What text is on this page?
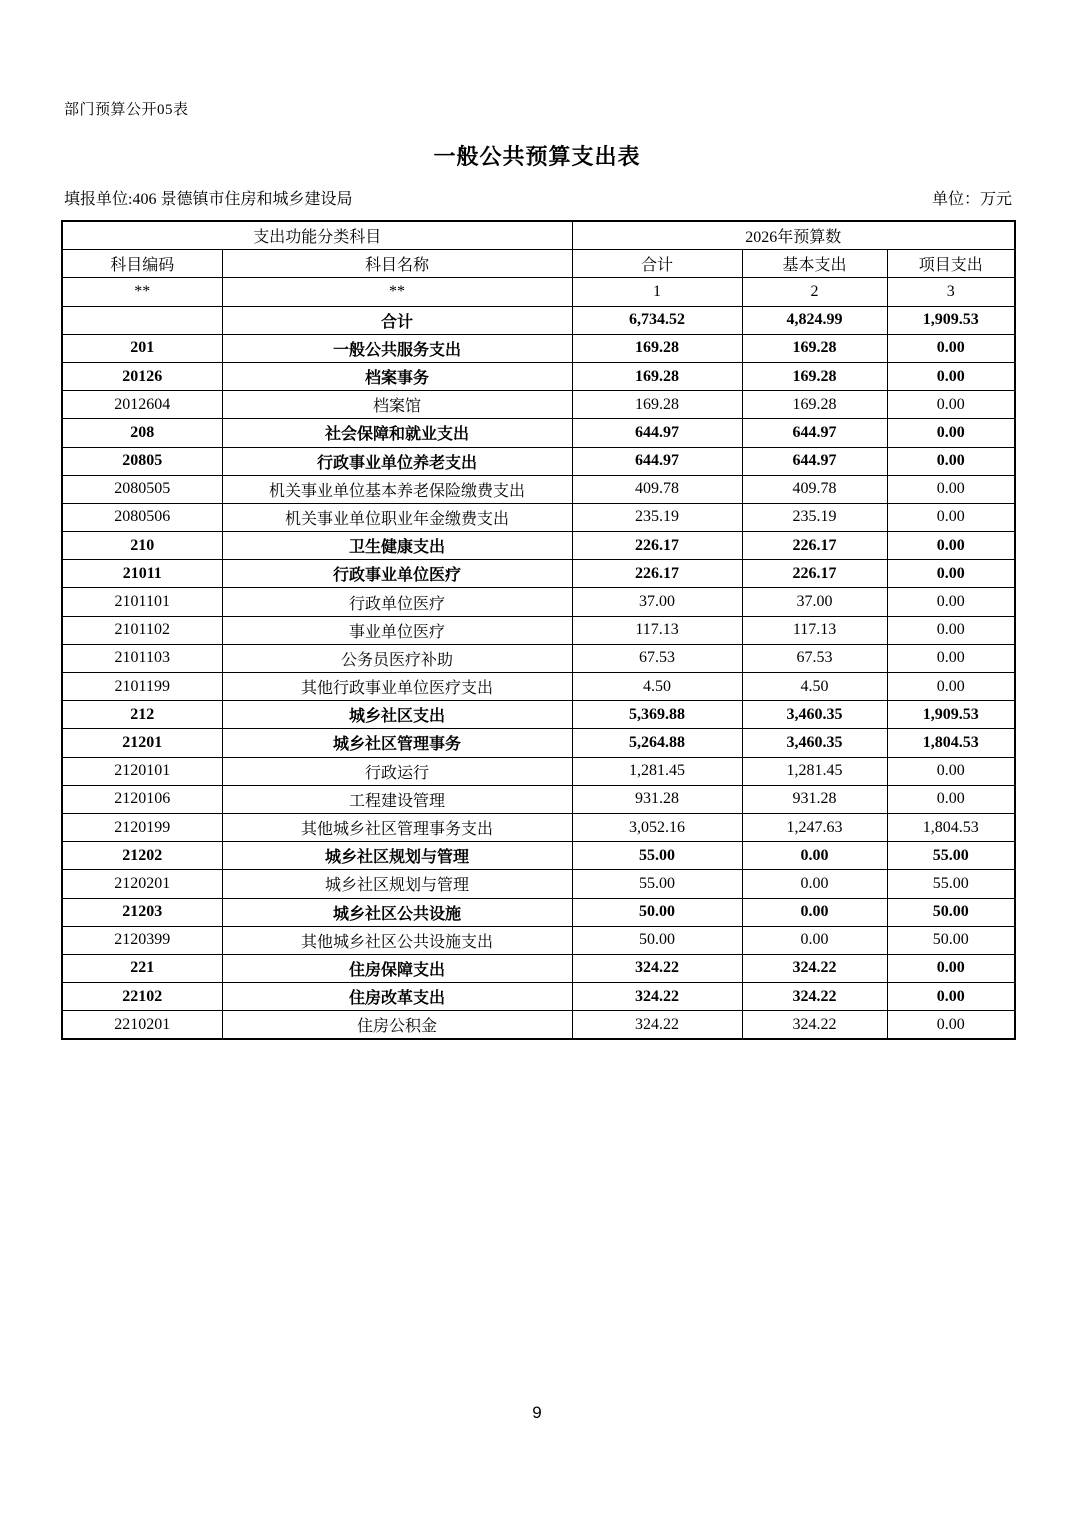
部门预算公开05表
一般公共预算支出表
填报单位:406 景德镇市住房和城乡建设局	单位：万元
支出功能分类科目		2026年预算数		
科目编码	科目名称	合计	基本支出	项目支出
**	**	1	2	3
	合计	6,734.52	4,824.99	1,909.53
201	一般公共服务支出	169.28	169.28	0.00
20126	档案事务	169.28	169.28	0.00
2012604	档案馆	169.28	169.28	0.00
208	社会保障和就业支出	644.97	644.97	0.00
20805	行政事业单位养老支出	644.97	644.97	0.00
2080505	机关事业单位基本养老保险缴费支出	409.78	409.78	0.00
2080506	机关事业单位职业年金缴费支出	235.19	235.19	0.00
210	卫生健康支出	226.17	226.17	0.00
21011	行政事业单位医疗	226.17	226.17	0.00
2101101	行政单位医疗	37.00	37.00	0.00
2101102	事业单位医疗	117.13	117.13	0.00
2101103	公务员医疗补助	67.53	67.53	0.00
2101199	其他行政事业单位医疗支出	4.50	4.50	0.00
212	城乡社区支出	5,369.88	3,460.35	1,909.53
21201	城乡社区管理事务	5,264.88	3,460.35	1,804.53
2120101	行政运行	1,281.45	1,281.45	0.00
2120106	工程建设管理	931.28	931.28	0.00
2120199	其他城乡社区管理事务支出	3,052.16	1,247.63	1,804.53
21202	城乡社区规划与管理	55.00	0.00	55.00
2120201	城乡社区规划与管理	55.00	0.00	55.00
21203	城乡社区公共设施	50.00	0.00	50.00
2120399	其他城乡社区公共设施支出	50.00	0.00	50.00
221	住房保障支出	324.22	324.22	0.00
22102	住房改革支出	324.22	324.22	0.00
2210201	住房公积金	324.22	324.22	0.00
9
